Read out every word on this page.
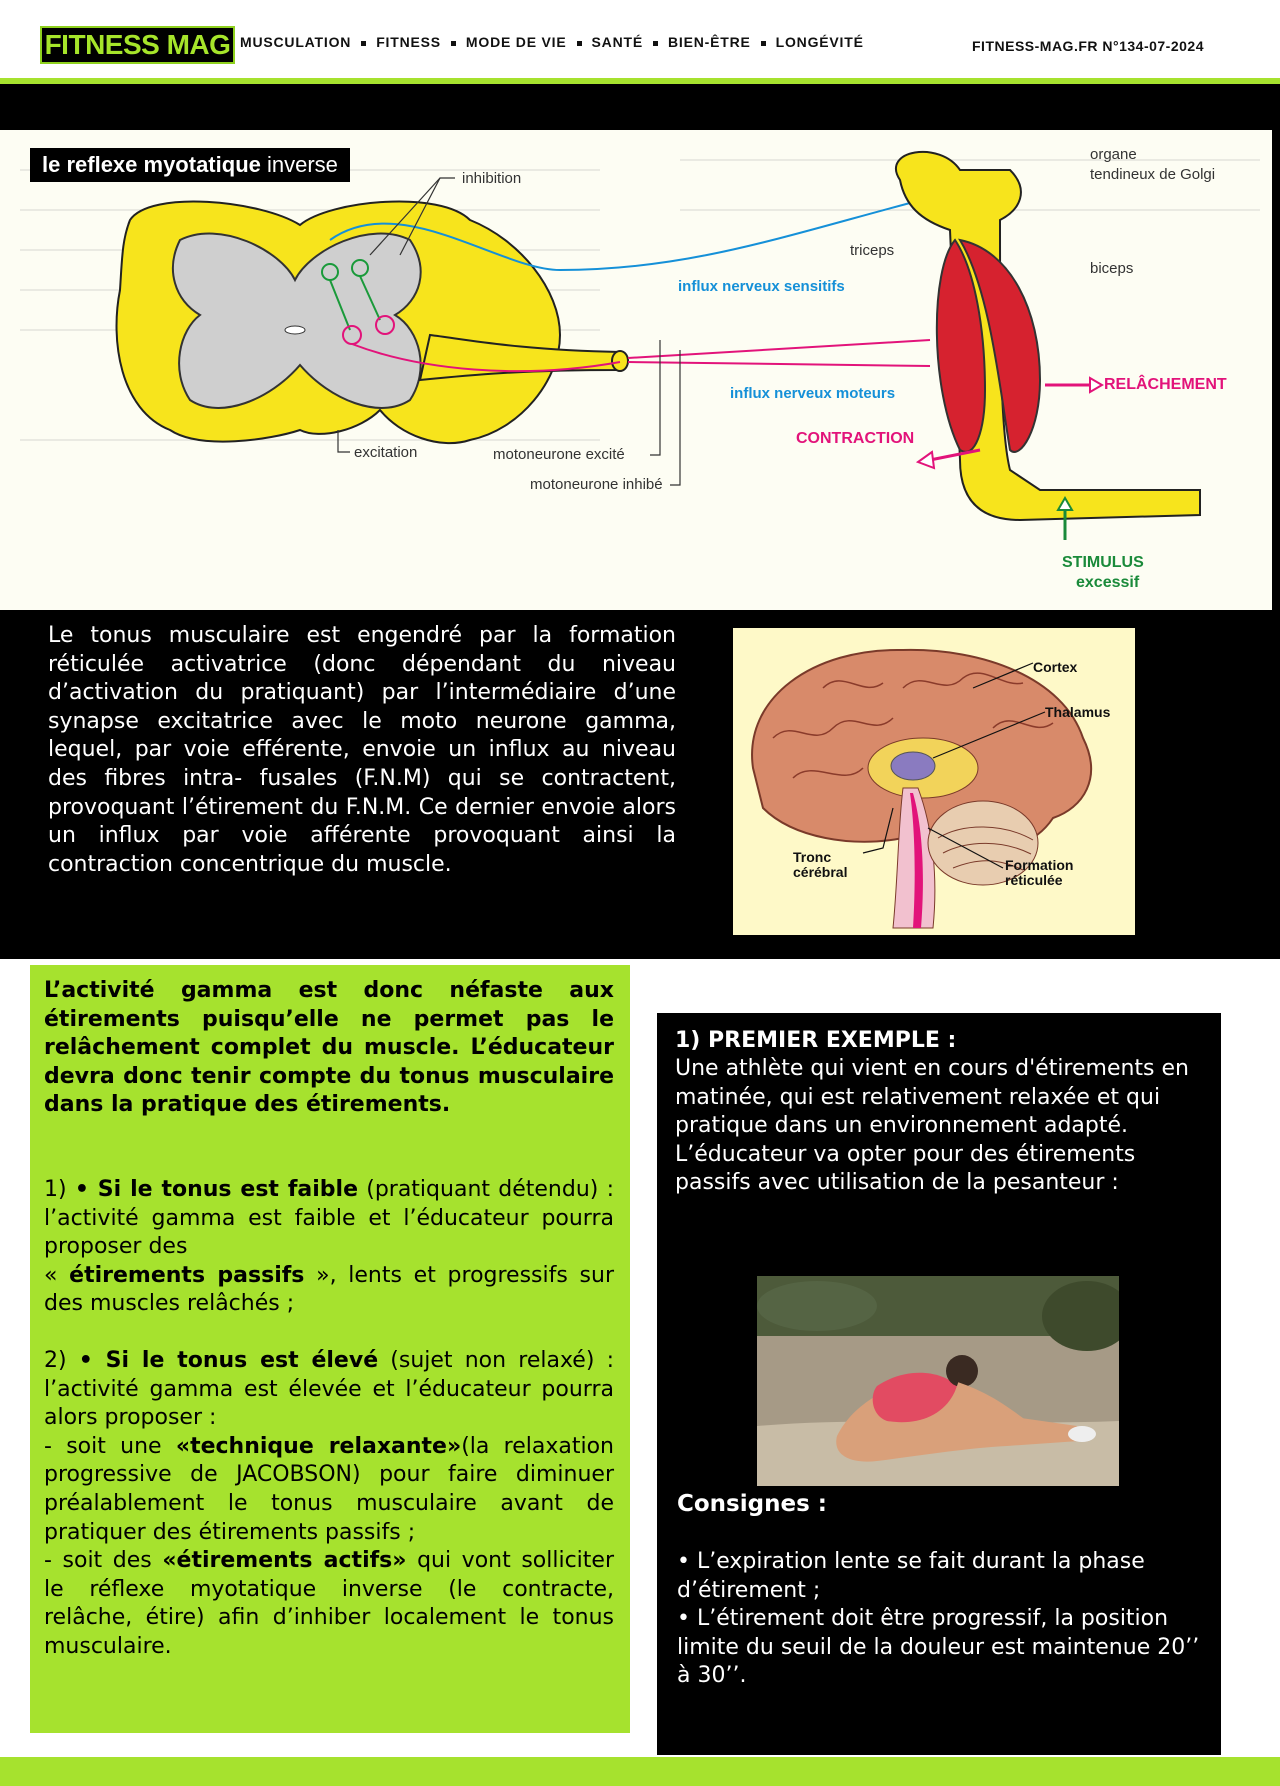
FITNESS MAG MUSCULATION FITNESS MODE DE VIE SANTÉ BIEN-ÊTRE LONGÉVITÉ	FITNESS-MAG.FR N°134-07-2024
le reflexe myotatique inverse
inhibition
excitation	motoneurone excité
motoneurone inhibé
organe
tendineux de Golgi
triceps
biceps
influx nerveux sensitifs
influx nerveux moteurs
RELÂCHEMENT
CONTRACTION
STIMULUS
excessif
Le tonus musculaire est engendré par la formation réticulée activatrice (donc dépendant du niveau d’activation du pratiquant) par l’intermédiaire d’une synapse excitatrice avec le moto neurone gamma, lequel, par voie efférente, envoie un influx au niveau des fibres intra- fusales (F.N.M) qui se contractent, provoquant l’étirement du F.N.M. Ce dernier envoie alors un influx par voie afférente provoquant ainsi la contraction concentrique du muscle.
Cortex
Thalamus
Tronc
cérébral	Formation
réticulée

L’activité gamma est donc néfaste aux étirements puisqu’elle ne permet pas le relâchement complet du muscle. L’éducateur devra donc tenir compte du tonus musculaire dans la pratique des étirements.

1) • Si le tonus est faible (pratiquant détendu) : l’activité gamma est faible et l’éducateur pourra proposer des
« étirements passifs », lents et progressifs sur des muscles relâchés ;

2) • Si le tonus est élevé (sujet non relaxé) : l’activité gamma est élevée et l’éducateur pourra alors proposer :

- soit une «technique relaxante»(la relaxation progressive de JACOBSON) pour faire diminuer préalablement le tonus musculaire avant de pratiquer des étirements passifs ;

- soit des «étirements actifs» qui vont solliciter le réflexe myotatique inverse (le contracte, relâche, étire) afin d’inhiber localement le tonus musculaire.

1) PREMIER EXEMPLE :

Une athlète qui vient en cours d'étirements en matinée, qui est relativement relaxée et qui pratique dans un environnement adapté. L’éducateur va opter pour des étirements passifs avec utilisation de la pesanteur :

Consignes :

• L’expiration lente se fait durant la phase d’étirement ;

• L’étirement doit être progressif, la position limite du seuil de la douleur est maintenue 20’’ à 30’’.
